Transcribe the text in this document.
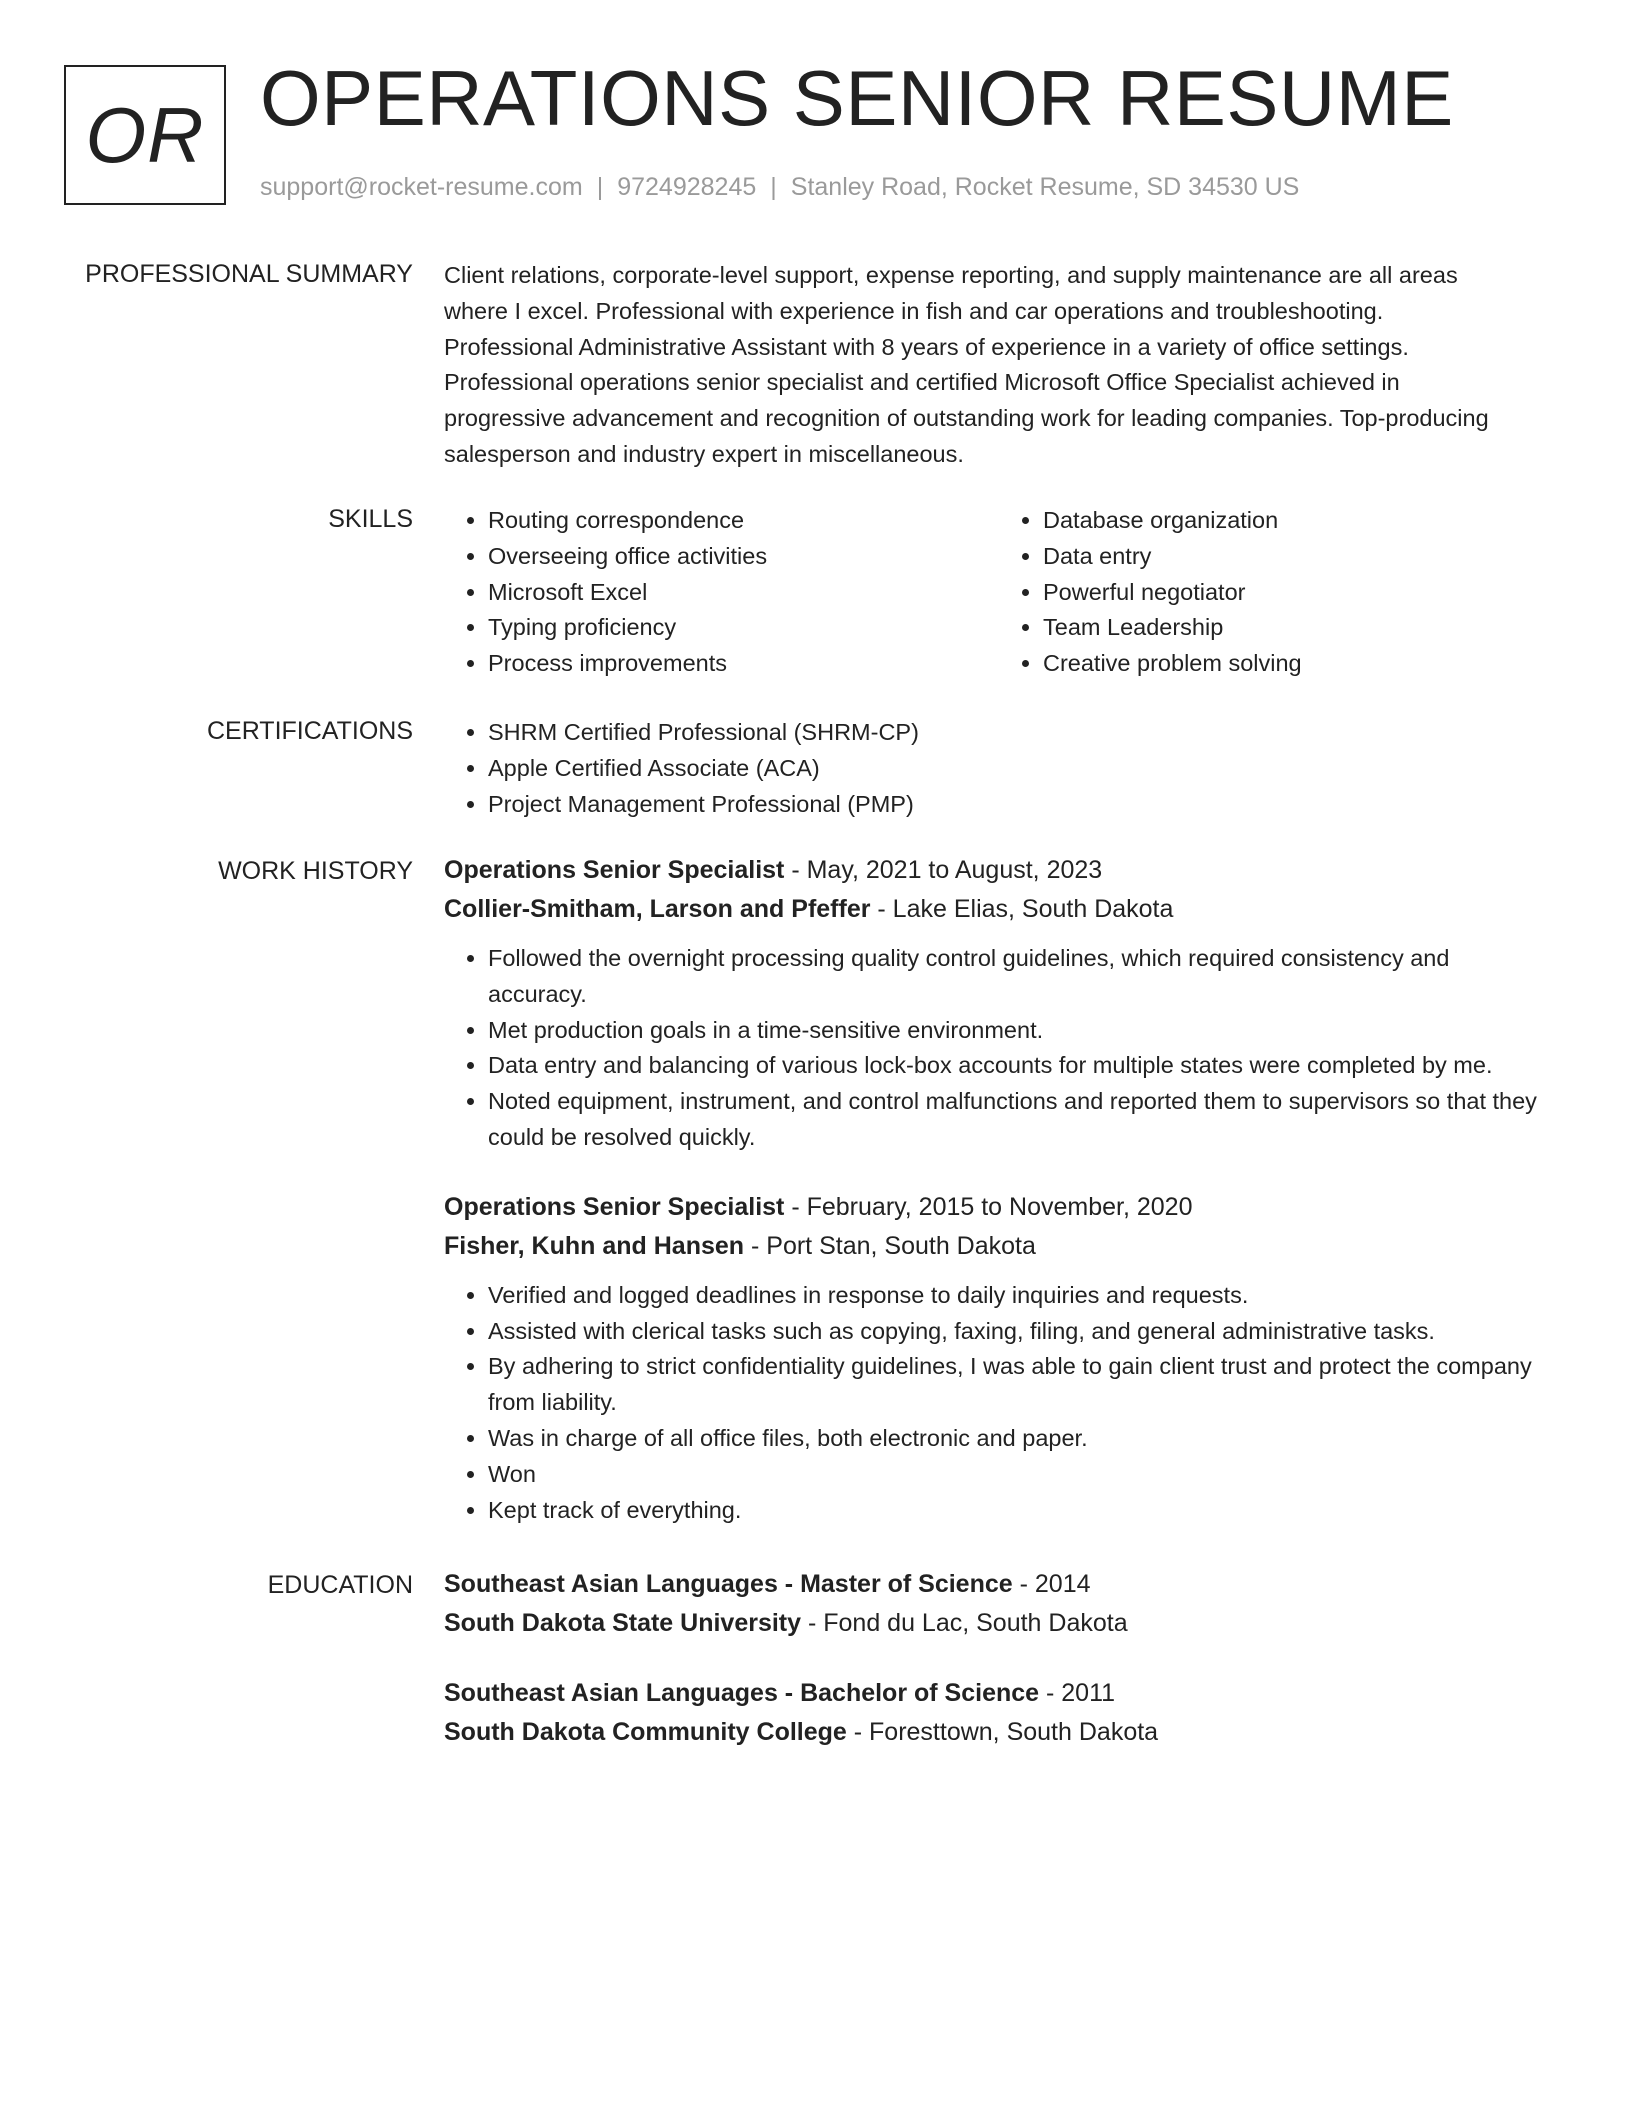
OR OPERATIONS SENIOR RESUME
support@rocket-resume.com | 9724928245 | Stanley Road, Rocket Resume, SD 34530 US
PROFESSIONAL SUMMARY Client relations, corporate-level support, expense reporting, and supply maintenance are all areas
where I excel. Professional with experience in fish and car operations and troubleshooting.
Professional Administrative Assistant with 8 years of experience in a variety of office settings.
Professional operations senior specialist and certified Microsoft Office Specialist achieved in
progressive advancement and recognition of outstanding work for leading companies. Top-producing
salesperson and industry expert in miscellaneous.
SKILLS	• Routing correspondence
• Overseeing office activities
• Microsoft Excel
• Typing proficiency
• Process improvements
• Database organization
• Data entry
• Powerful negotiator
• Team Leadership
• Creative problem solving
CERTIFICATIONS	• SHRM Certified Professional (SHRM-CP)
• Apple Certified Associate (ACA)
• Project Management Professional (PMP)
WORK HISTORY Operations Senior Specialist - May, 2021 to August, 2023
Collier-Smitham, Larson and Pfeffer - Lake Elias, South Dakota
• Followed the overnight processing quality control guidelines, which required consistency and accuracy.
• Met production goals in a time-sensitive environment.
• Data entry and balancing of various lock-box accounts for multiple states were completed by me.
• Noted equipment, instrument, and control malfunctions and reported them to supervisors so that they could be resolved quickly.
Operations Senior Specialist - February, 2015 to November, 2020
Fisher, Kuhn and Hansen - Port Stan, South Dakota
• Verified and logged deadlines in response to daily inquiries and requests.
• Assisted with clerical tasks such as copying, faxing, filing, and general administrative tasks.
• By adhering to strict confidentiality guidelines, I was able to gain client trust and protect the company from liability.
• Was in charge of all office files, both electronic and paper.
• Won
• Kept track of everything.
EDUCATION Southeast Asian Languages - Master of Science - 2014
South Dakota State University - Fond du Lac, South Dakota
Southeast Asian Languages - Bachelor of Science - 2011
South Dakota Community College - Foresttown, South Dakota
